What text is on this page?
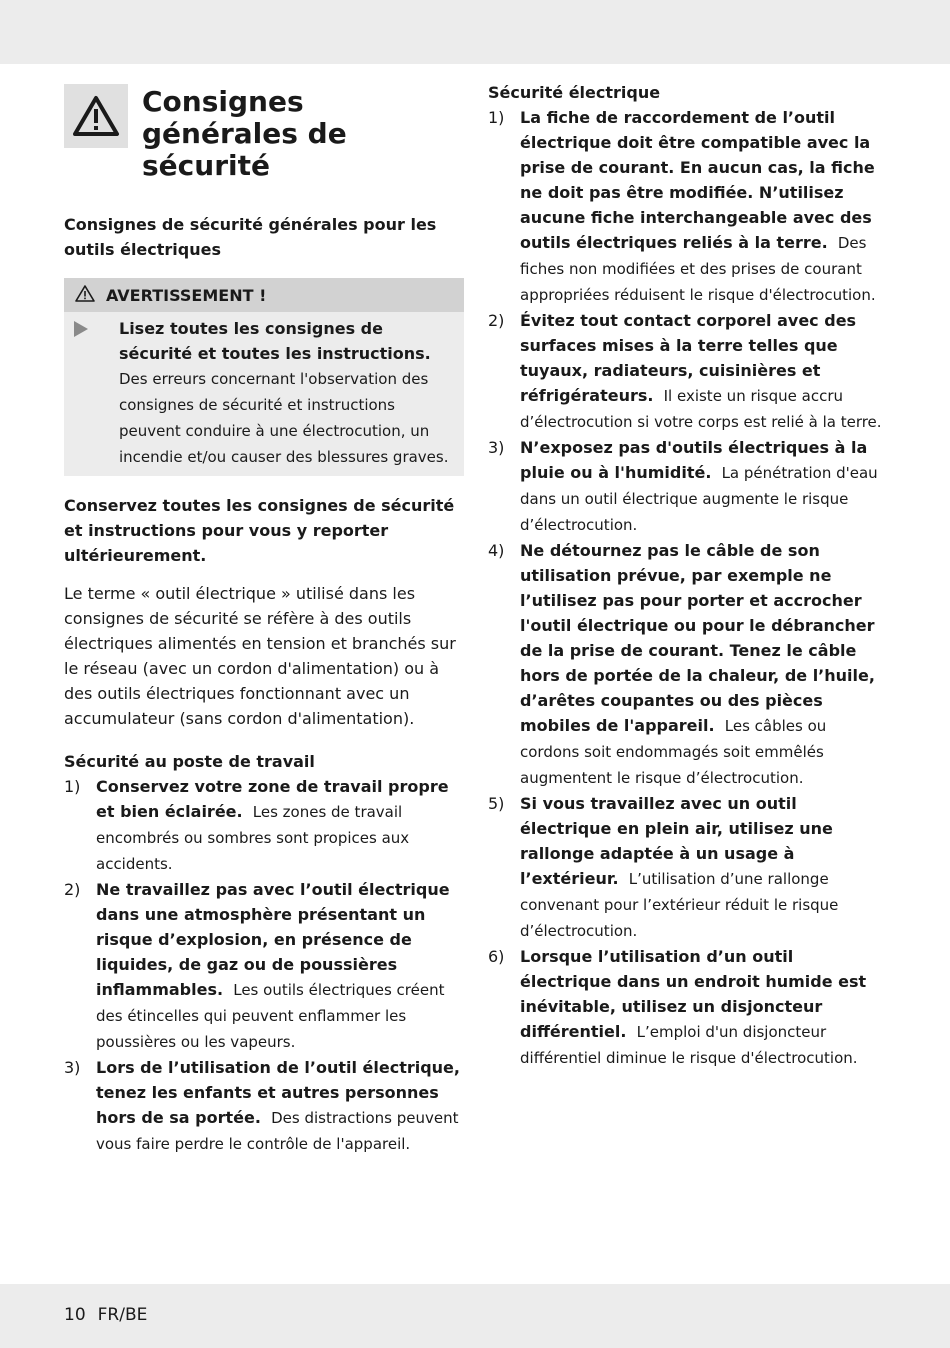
Consignes générales de sécurité

Consignes de sécurité générales pour les outils électriques

AVERTISSEMENT !
Lisez toutes les consignes de sécurité et toutes les instructions.  Des erreurs concernant l'observation des consignes de sécurité et instructions peuvent conduire à une électrocution, un incendie et/ou causer des blessures graves.

Conservez toutes les consignes de sécurité et instructions pour vous y reporter ultérieurement.

Le terme « outil électrique » utilisé dans les consignes de sécurité se réfère à des outils électriques alimentés en tension et branchés sur le réseau (avec un cordon d'alimentation) ou à des outils électriques fonctionnant avec un accumulateur (sans cordon d'alimentation).

Sécurité au poste de travail

1) Conservez votre zone de travail propre et bien éclairée. Les zones de travail encombrés ou sombres sont propices aux accidents.
2) Ne travaillez pas avec l’outil électrique dans une atmosphère présentant un risque d’explosion, en présence de liquides, de gaz ou de poussières inflammables. Les outils électriques créent des étincelles qui peuvent enflammer les poussières ou les vapeurs.
3) Lors de l’utilisation de l’outil électrique, tenez les enfants et autres personnes hors de sa portée. Des distractions peuvent vous faire perdre le contrôle de l'appareil.

Sécurité électrique

1) La fiche de raccordement de l’outil électrique doit être compatible avec la prise de courant. En aucun cas, la fiche ne doit pas être modifiée. N’utilisez aucune fiche interchangeable avec des outils électriques reliés à la terre. Des fiches non modifiées et des prises de courant appropriées réduisent le risque d'électrocution.
2) Évitez tout contact corporel avec des surfaces mises à la terre telles que tuyaux, radiateurs, cuisinières et réfrigérateurs. Il existe un risque accru d’électrocution si votre corps est relié à la terre.
3) N’exposez pas d'outils électriques à la pluie ou à l'humidité. La pénétration d'eau dans un outil électrique augmente le risque d’électrocution.
4) Ne détournez pas le câble de son utilisation prévue, par exemple ne l’utilisez pas pour porter et accrocher l'outil électrique ou pour le débrancher de la prise de courant. Tenez le câble hors de portée de la chaleur, de l’huile, d’arêtes coupantes ou des pièces mobiles de l'appareil. Les câbles ou cordons soit endommagés soit emmêlés augmentent le risque d’électrocution.
5) Si vous travaillez avec un outil électrique en plein air, utilisez une rallonge adaptée à un usage à l’extérieur. L’utilisation d’une rallonge convenant pour l’extérieur réduit le risque d’électrocution.
6) Lorsque l’utilisation d’un outil électrique dans un endroit humide est inévitable, utilisez un disjoncteur différentiel. L’emploi d'un disjoncteur différentiel diminue le risque d'électrocution.
10 FR/BE
